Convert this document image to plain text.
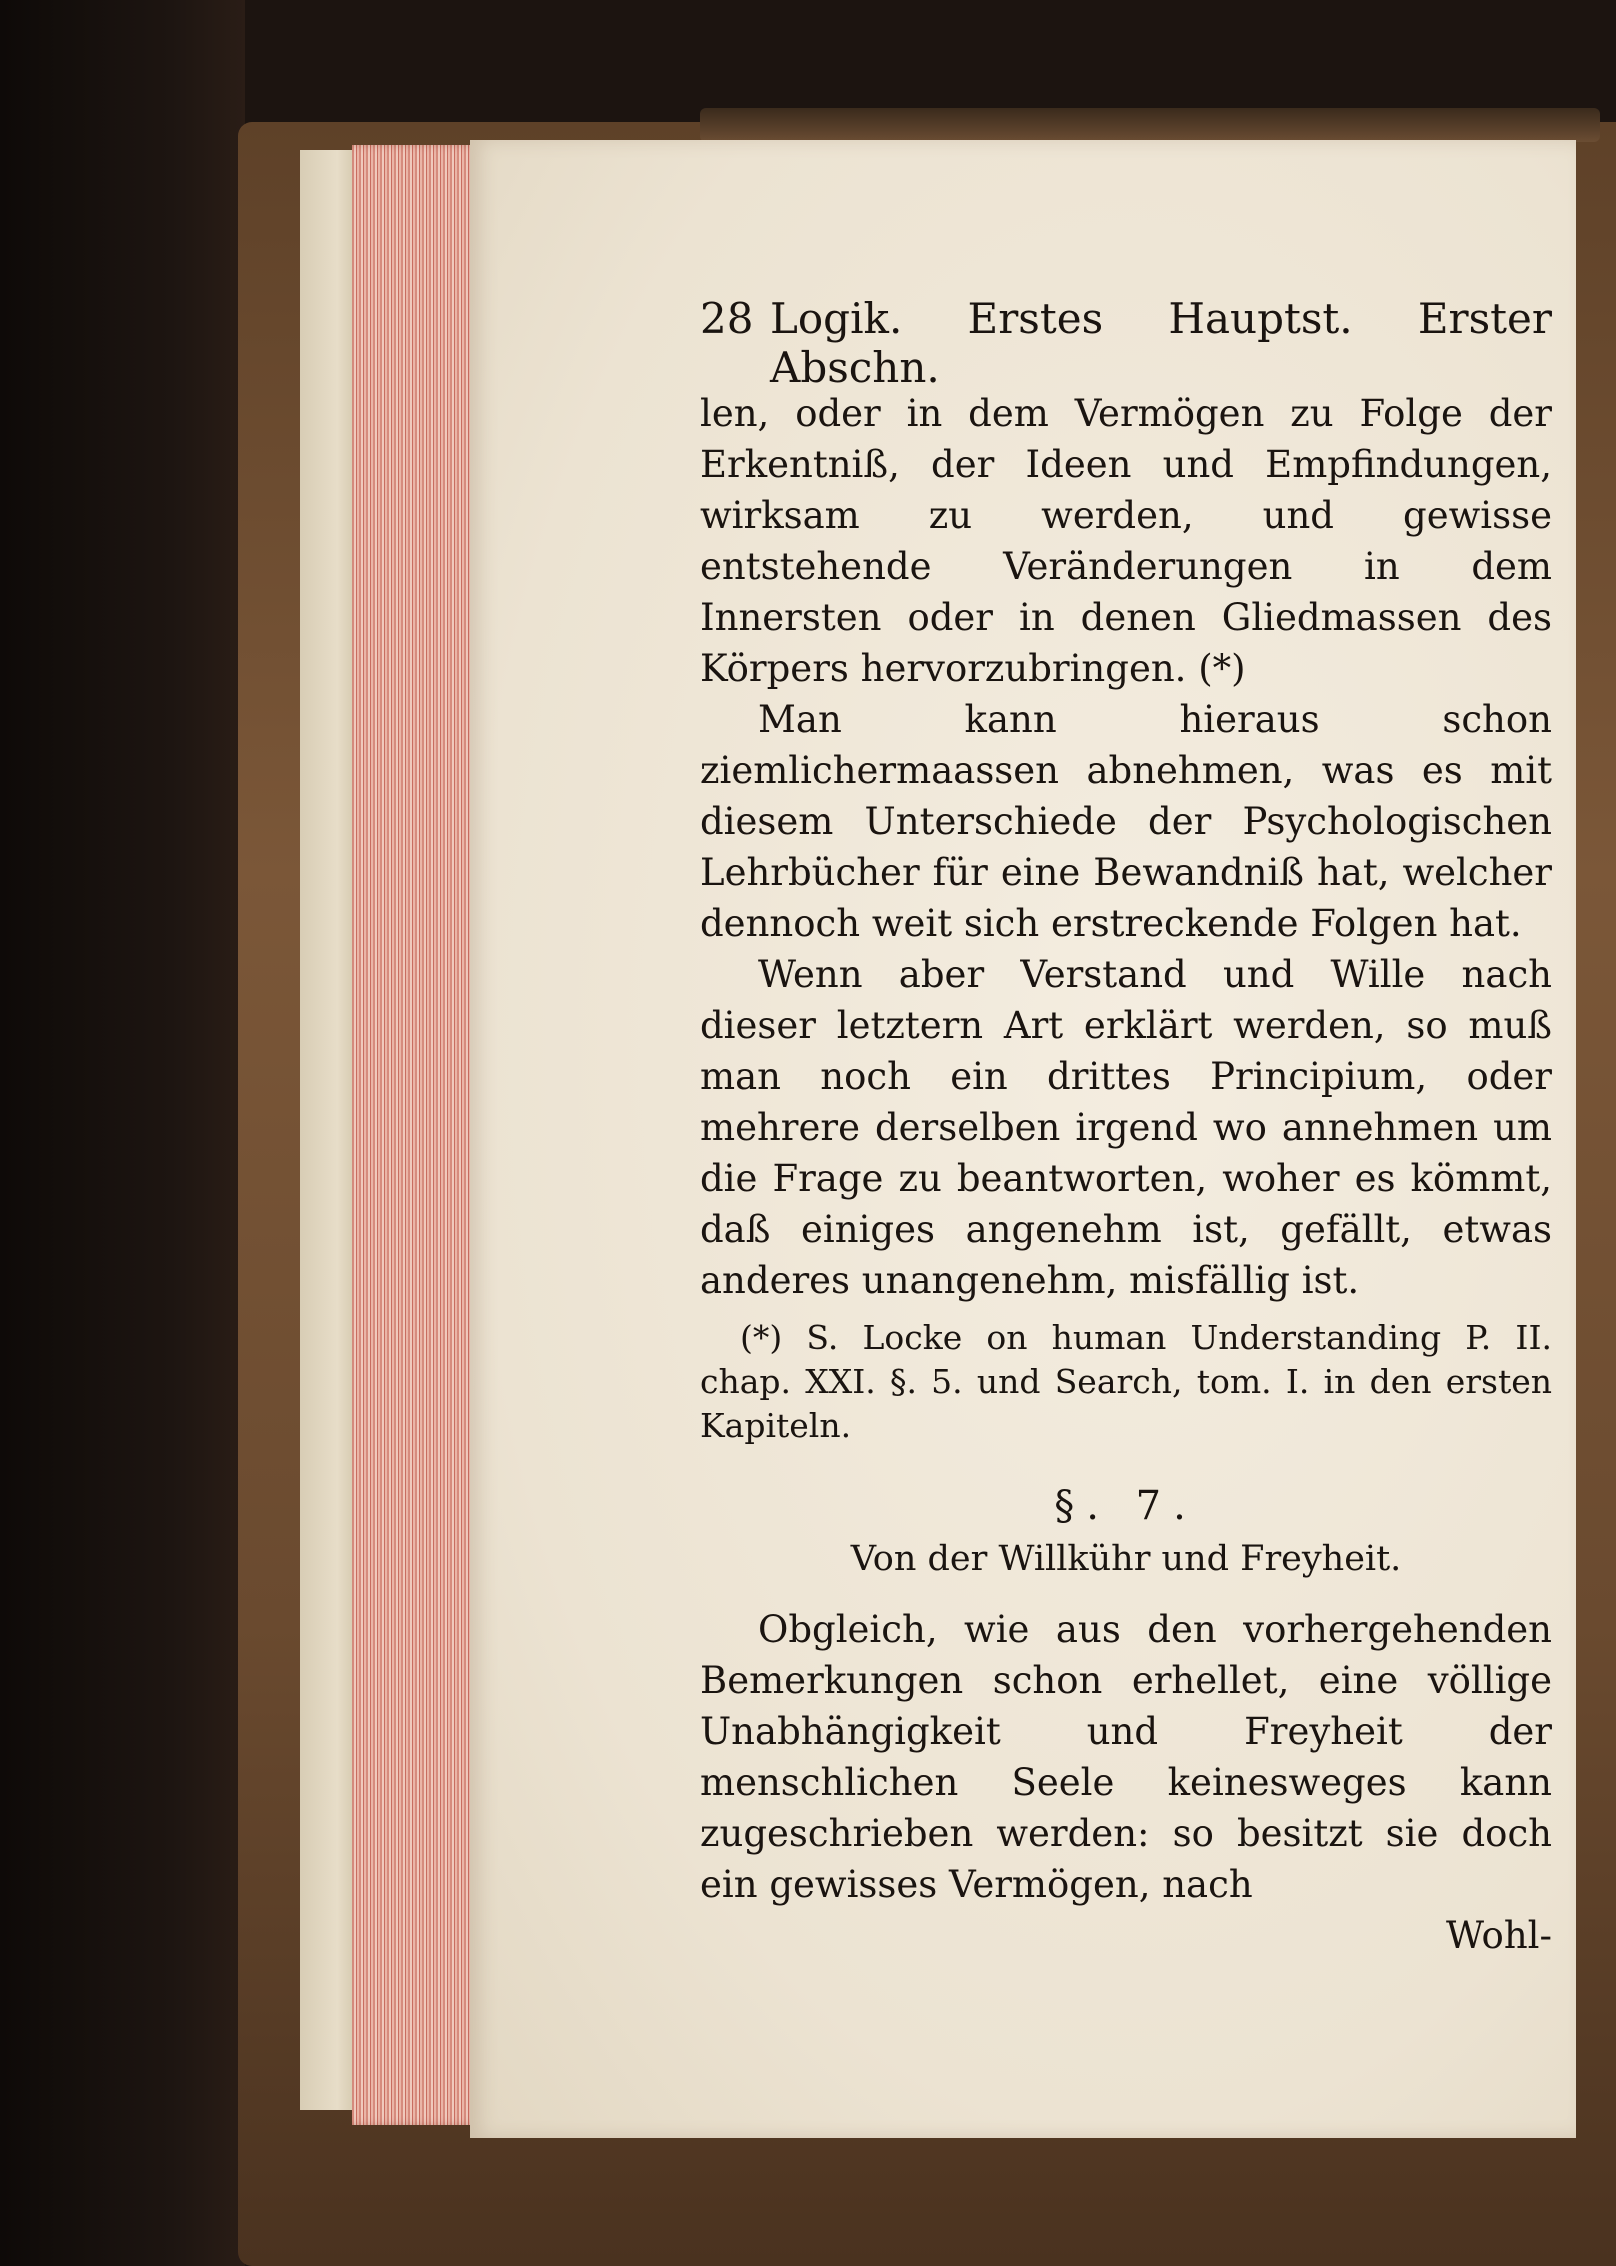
28 Logik. Erstes Hauptst. Erster Abschn.

len, oder in dem Vermögen zu Folge der Erkentniß, der Ideen und Empfindungen, wirksam zu werden, und gewisse entstehende Veränderungen in dem Innersten oder in denen Gliedmassen des Körpers hervorzubringen. (*)

Man kann hieraus schon ziemlichermaassen abnehmen, was es mit diesem Unterschiede der Psychologischen Lehrbücher für eine Bewandniß hat, welcher dennoch weit sich erstreckende Folgen hat.

Wenn aber Verstand und Wille nach dieser letztern Art erklärt werden, so muß man noch ein drittes Principium, oder mehrere derselben irgend wo annehmen um die Frage zu beantworten, woher es kömmt, daß einiges angenehm ist, gefällt, etwas anderes unangenehm, misfällig ist.

(*) S. Locke on human Understanding P. II. chap. XXI. §. 5. und Search, tom. I. in den ersten Kapiteln.

§. 7.

Von der Willkühr und Freyheit.

Obgleich, wie aus den vorhergehenden Bemerkungen schon erhellet, eine völlige Unabhängigkeit und Freyheit der menschlichen Seele keinesweges kann zugeschrieben werden: so besitzt sie doch ein gewisses Vermögen, nach

Wohl-
